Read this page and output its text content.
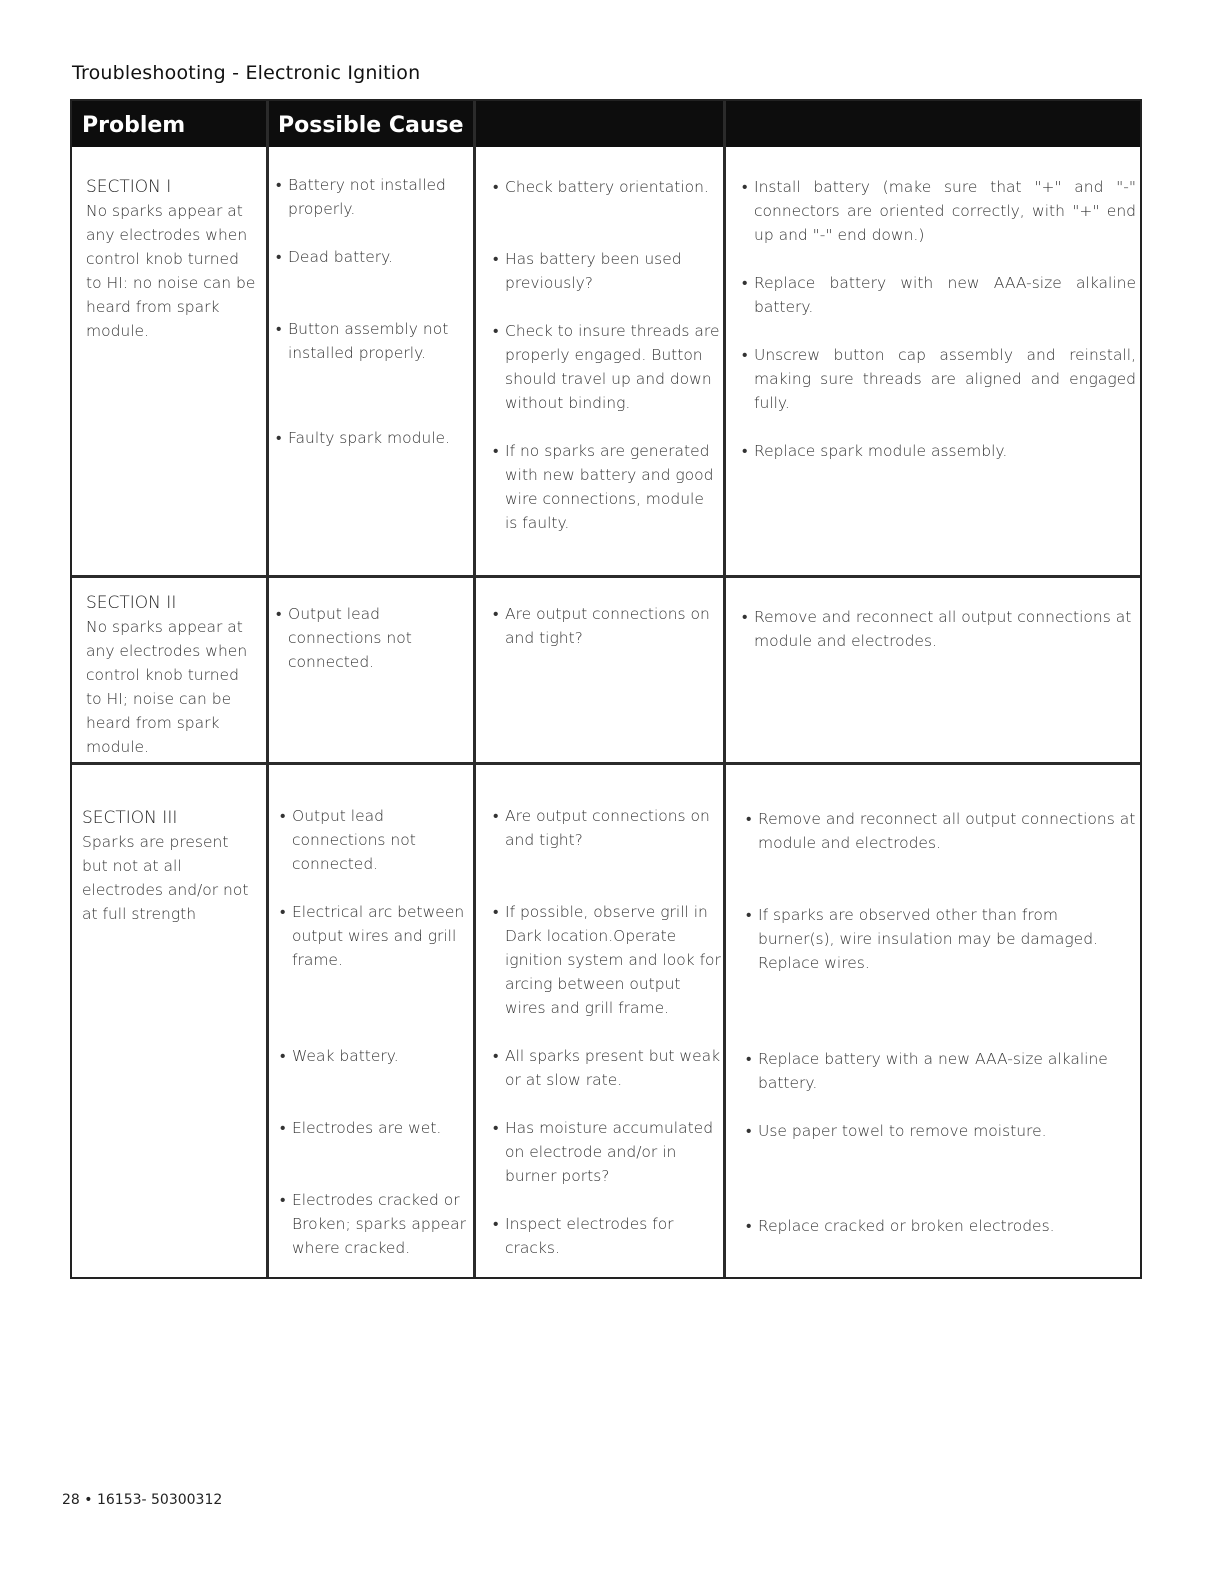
Troubleshooting - Electronic Ignition
Problem	Possible Cause
SECTION I
No sparks appear at any electrodes when control knob turned to HI: no noise can be heard from spark module.
• Battery not installed properly.
• Dead battery.
• Button assembly not installed properly.
• Faulty spark module.
• Check battery orientation.
• Has battery been used previously?
• Check to insure threads are properly engaged. Button should travel up and down without binding.
• If no sparks are generated with new battery and good wire connections, module is faulty.
• Install battery (make sure that "+" and "-" connectors are oriented correctly, with "+" end up and "-" end down.)
• Replace battery with new AAA-size alkaline battery.
• Unscrew button cap assembly and reinstall, making sure threads are aligned and engaged fully.
• Replace spark module assembly.
SECTION II
No sparks appear at any electrodes when control knob turned to HI; noise can be heard from spark module.
• Output lead connections not connected.
• Are output connections on and tight?
• Remove and reconnect all output connections at module and electrodes.
SECTION III
Sparks are present but not at all electrodes and/or not at full strength
• Output lead connections not connected.
• Electrical arc between output wires and grill frame.
• Weak battery.
• Electrodes are wet.
• Electrodes cracked or Broken; sparks appear where cracked.
• Are output connections on and tight?
• If possible, observe grill in Dark location.Operate ignition system and look for arcing between output wires and grill frame.
• All sparks present but weak or at slow rate.
• Has moisture accumulated on electrode and/or in burner ports?
• Inspect electrodes for cracks.
• Remove and reconnect all output connections at module and electrodes.
• If sparks are observed other than from burner(s), wire insulation may be damaged. Replace wires.
• Replace battery with a new AAA-size alkaline battery.
• Use paper towel to remove moisture.
• Replace cracked or broken electrodes.
28 • 16153- 50300312
